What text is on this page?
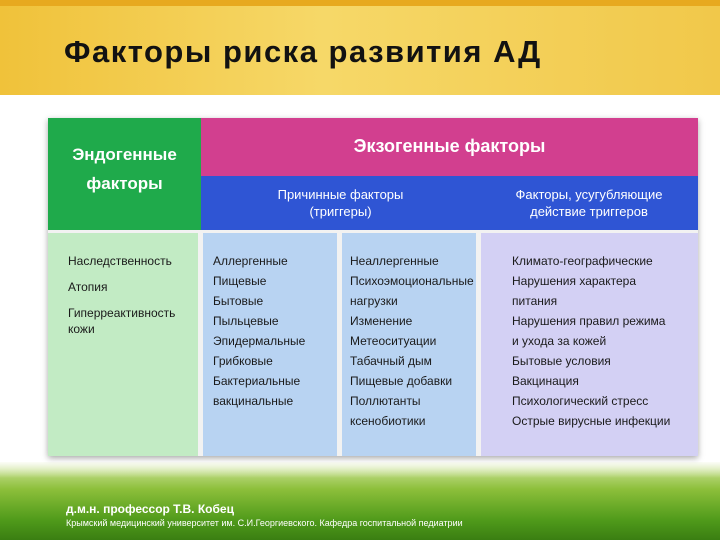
Факторы риска развития АД
Эндогенные
факторы
Экзогенные факторы
Причинные факторы
(триггеры)
Факторы, усугубляющие
действие триггеров
Наследственность
Атопия
Гиперреактивность
кожи
Аллергенные
Пищевые
Бытовые
Пыльцевые
Эпидермальные
Грибковые
Бактериальные
вакцинальные
Неаллергенные
Психоэмоциональные
нагрузки
Изменение
Метеоситуации
Табачный дым
Пищевые добавки
Поллютанты
ксенобиотики
Климато-географические
Нарушения характера
питания
Нарушения правил режима
и ухода за кожей
Бытовые условия
Вакцинация
Психологический стресс
Острые вирусные инфекции
д.м.н. профессор Т.В. Кобец
Крымский медицинский университет им. С.И.Георгиевского. Кафедра госпитальной педиатрии
